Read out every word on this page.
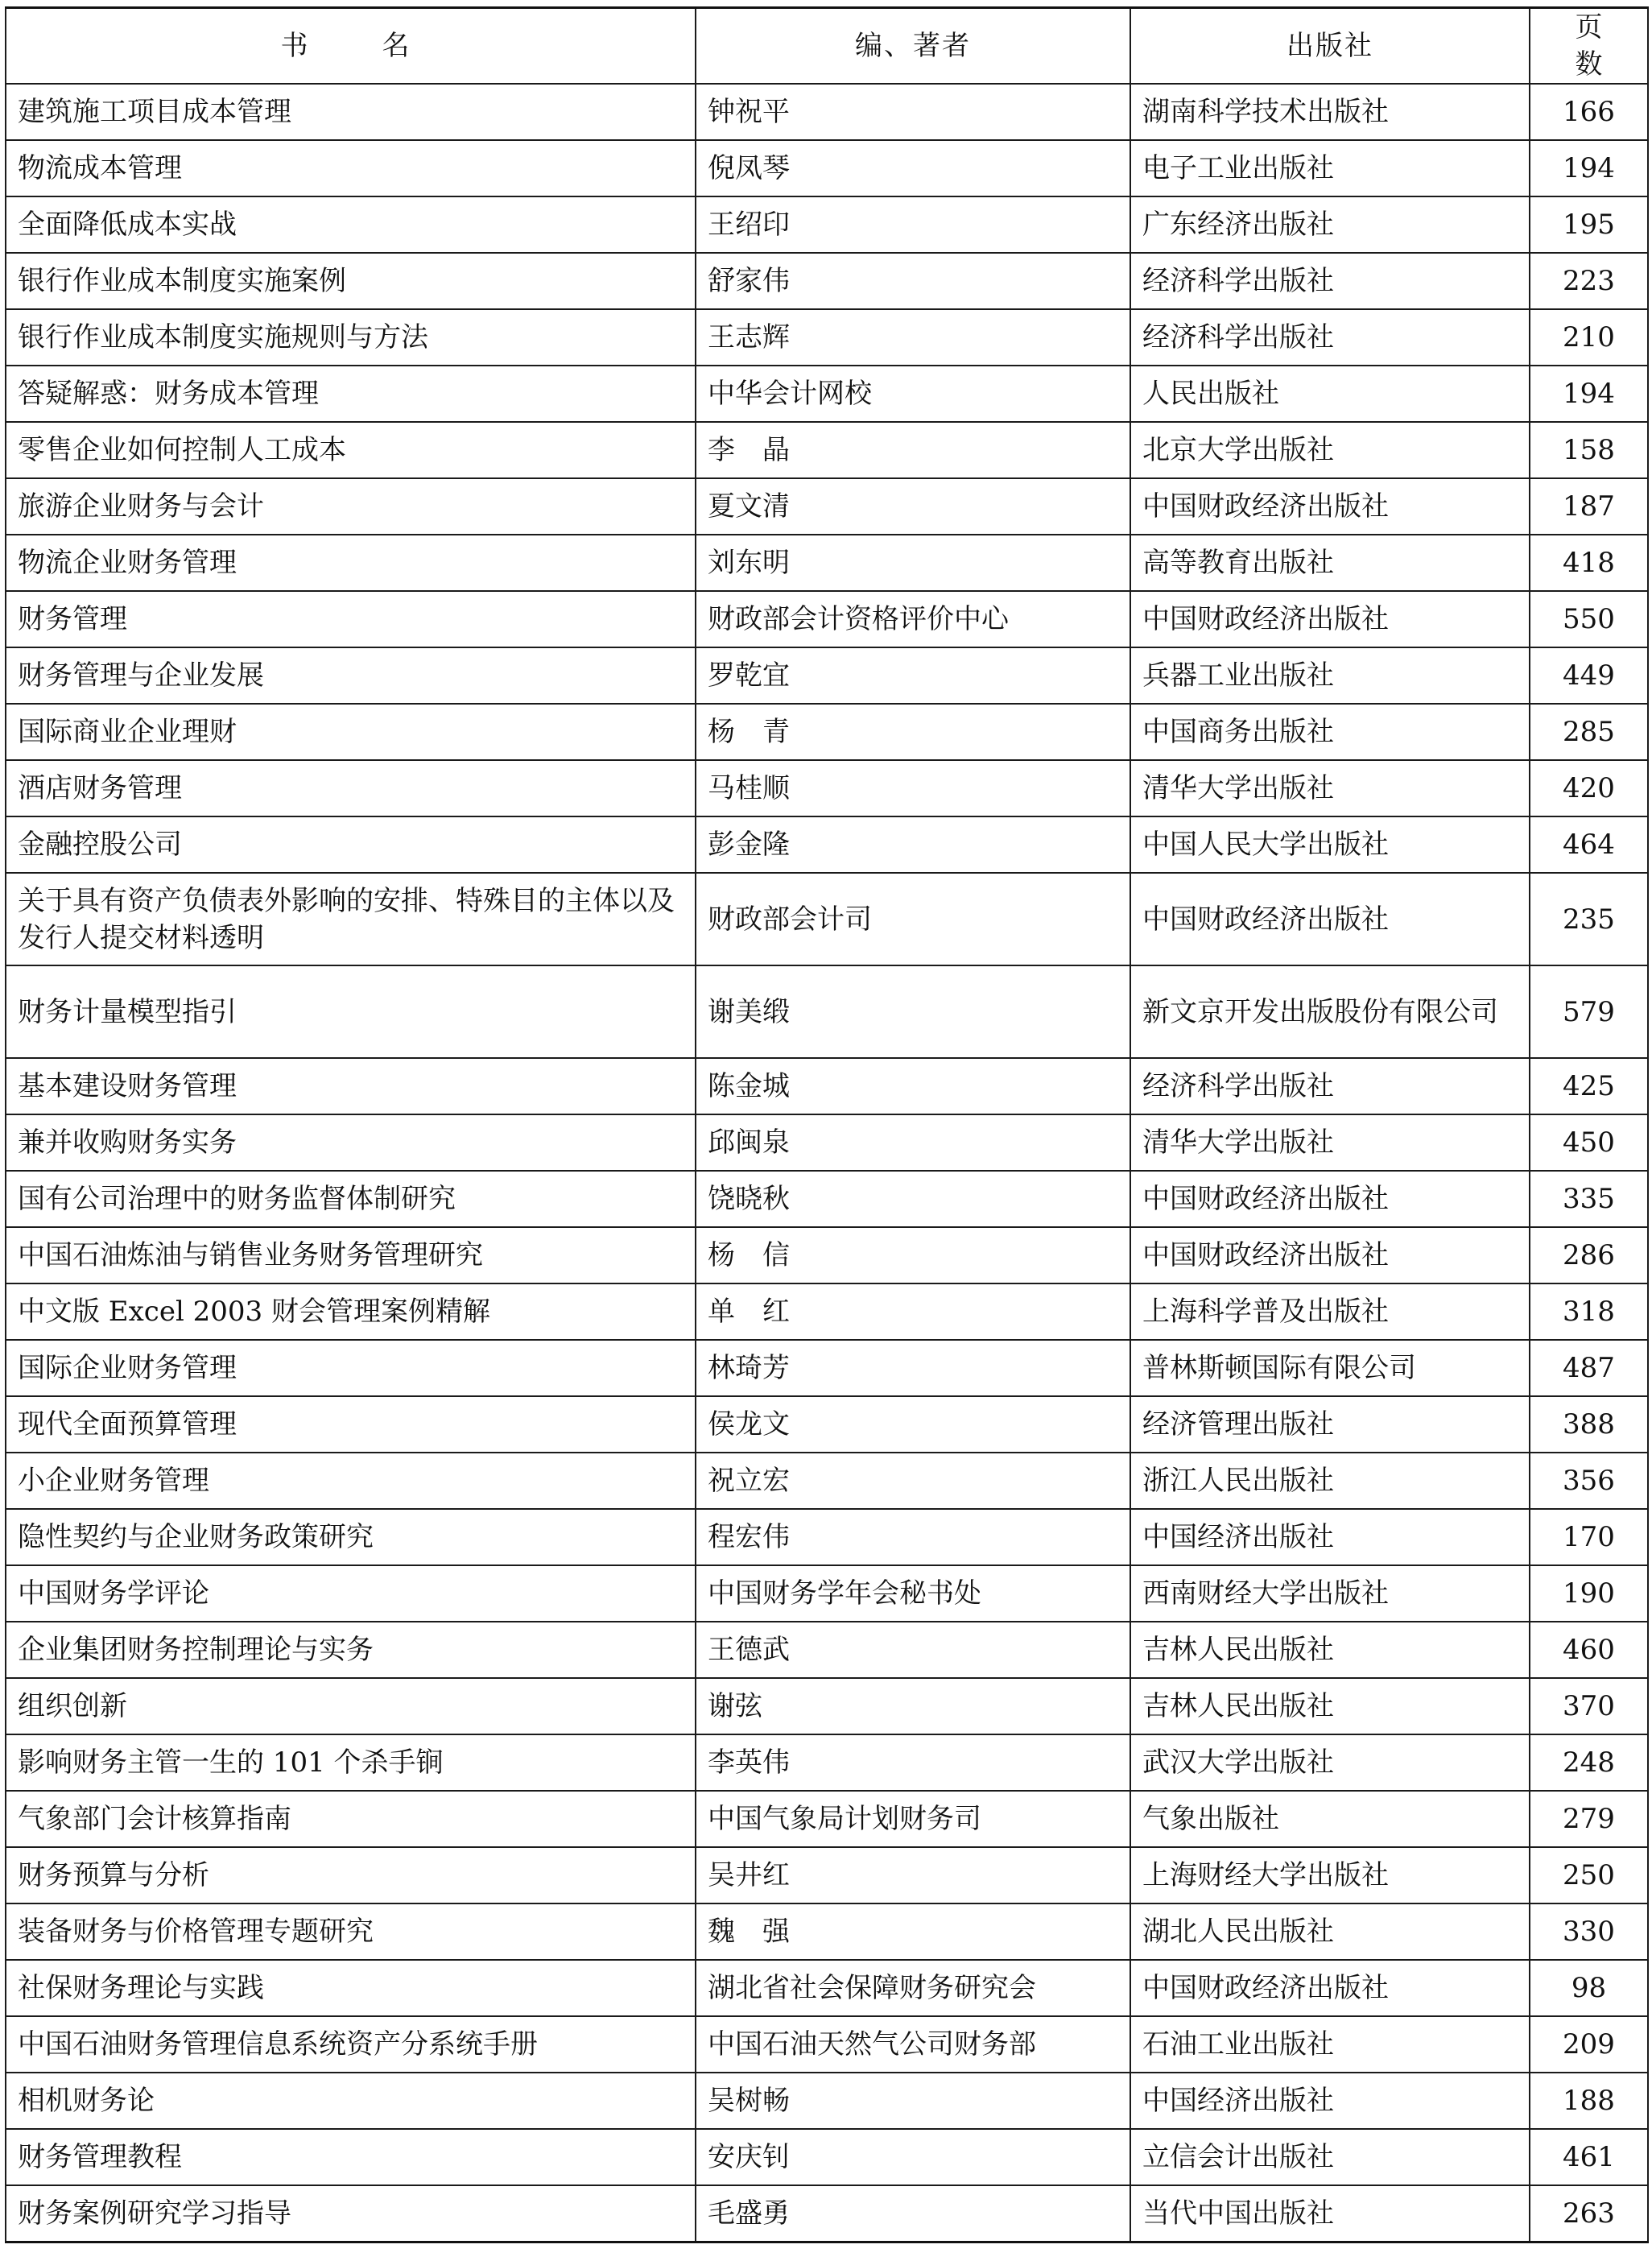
书名	编、著者	出版社	页数
建筑施工项目成本管理	钟祝平	湖南科学技术出版社	166
物流成本管理	倪凤琴	电子工业出版社	194
全面降低成本实战	王绍印	广东经济出版社	195
银行作业成本制度实施案例	舒家伟	经济科学出版社	223
银行作业成本制度实施规则与方法	王志辉	经济科学出版社	210
答疑解惑：财务成本管理	中华会计网校	人民出版社	194
零售企业如何控制人工成本	李　晶	北京大学出版社	158
旅游企业财务与会计	夏文清	中国财政经济出版社	187
物流企业财务管理	刘东明	高等教育出版社	418
财务管理	财政部会计资格评价中心	中国财政经济出版社	550
财务管理与企业发展	罗乾宜	兵器工业出版社	449
国际商业企业理财	杨　青	中国商务出版社	285
酒店财务管理	马桂顺	清华大学出版社	420
金融控股公司	彭金隆	中国人民大学出版社	464
关于具有资产负债表外影响的安排、特殊目的主体以及发行人提交材料透明	财政部会计司	中国财政经济出版社	235
财务计量模型指引	谢美缎	新文京开发出版股份有限公司	579
基本建设财务管理	陈金城	经济科学出版社	425
兼并收购财务实务	邱闽泉	清华大学出版社	450
国有公司治理中的财务监督体制研究	饶晓秋	中国财政经济出版社	335
中国石油炼油与销售业务财务管理研究	杨　信	中国财政经济出版社	286
中文版 Excel 2003 财会管理案例精解	单　红	上海科学普及出版社	318
国际企业财务管理	林琦芳	普林斯顿国际有限公司	487
现代全面预算管理	侯龙文	经济管理出版社	388
小企业财务管理	祝立宏	浙江人民出版社	356
隐性契约与企业财务政策研究	程宏伟	中国经济出版社	170
中国财务学评论	中国财务学年会秘书处	西南财经大学出版社	190
企业集团财务控制理论与实务	王德武	吉林人民出版社	460
组织创新	谢弦	吉林人民出版社	370
影响财务主管一生的 101 个杀手锏	李英伟	武汉大学出版社	248
气象部门会计核算指南	中国气象局计划财务司	气象出版社	279
财务预算与分析	吴井红	上海财经大学出版社	250
装备财务与价格管理专题研究	魏　强	湖北人民出版社	330
社保财务理论与实践	湖北省社会保障财务研究会	中国财政经济出版社	98
中国石油财务管理信息系统资产分系统手册	中国石油天然气公司财务部	石油工业出版社	209
相机财务论	吴树畅	中国经济出版社	188
财务管理教程	安庆钊	立信会计出版社	461
财务案例研究学习指导	毛盛勇	当代中国出版社	263
